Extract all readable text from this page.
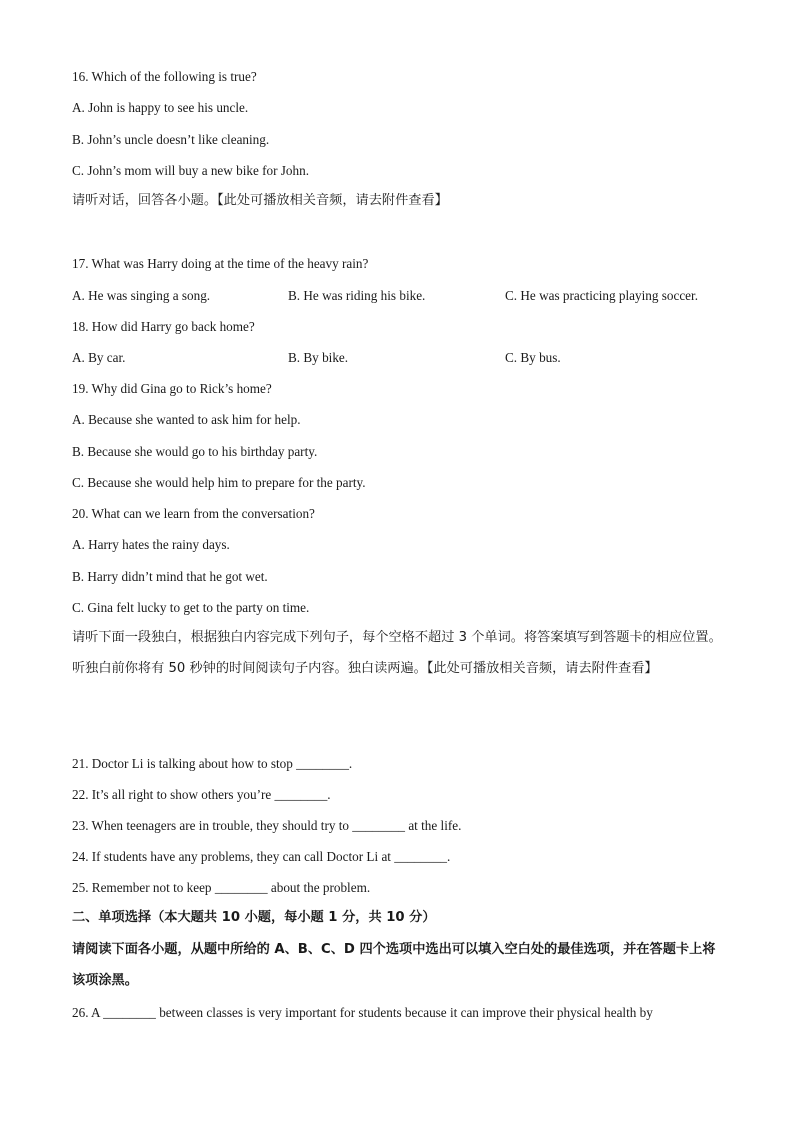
16. Which of the following is true?
A. John is happy to see his uncle.
B. John’s uncle doesn’t like cleaning.
C. John’s mom will buy a new bike for John.
请听对话，回答各小题。【此处可播放相关音频，请去附件查看】
17. What was Harry doing at the time of the heavy rain?
A. He was singing a song.	B. He was riding his bike.	C. He was practicing playing soccer.
18. How did Harry go back home?
A. By car.	B. By bike.	C. By bus.
19. Why did Gina go to Rick’s home?
A. Because she wanted to ask him for help.
B. Because she would go to his birthday party.
C. Because she would help him to prepare for the party.
20. What can we learn from the conversation?
A. Harry hates the rainy days.
B. Harry didn’t mind that he got wet.
C. Gina felt lucky to get to the party on time.
请听下面一段独白，根据独白内容完成下列句子，每个空格不超过 3 个单词。将答案填写到答题卡的相应位置。听独白前你将有 50 秒钟的时间阅读句子内容。独白读两遍。【此处可播放相关音频，请去附件查看】
21. Doctor Li is talking about how to stop ________.
22. It’s all right to show others you’re ________.
23. When teenagers are in trouble, they should try to ________ at the life.
24. If students have any problems, they can call Doctor Li at ________.
25. Remember not to keep ________ about the problem.
二、单项选择（本大题共 10 小题，每小题 1 分，共 10 分）
请阅读下面各小题，从题中所给的 A、B、C、D 四个选项中选出可以填入空白处的最佳选项，并在答题卡上将该项涂黑。
26. A ________ between classes is very important for students because it can improve their physical health by
